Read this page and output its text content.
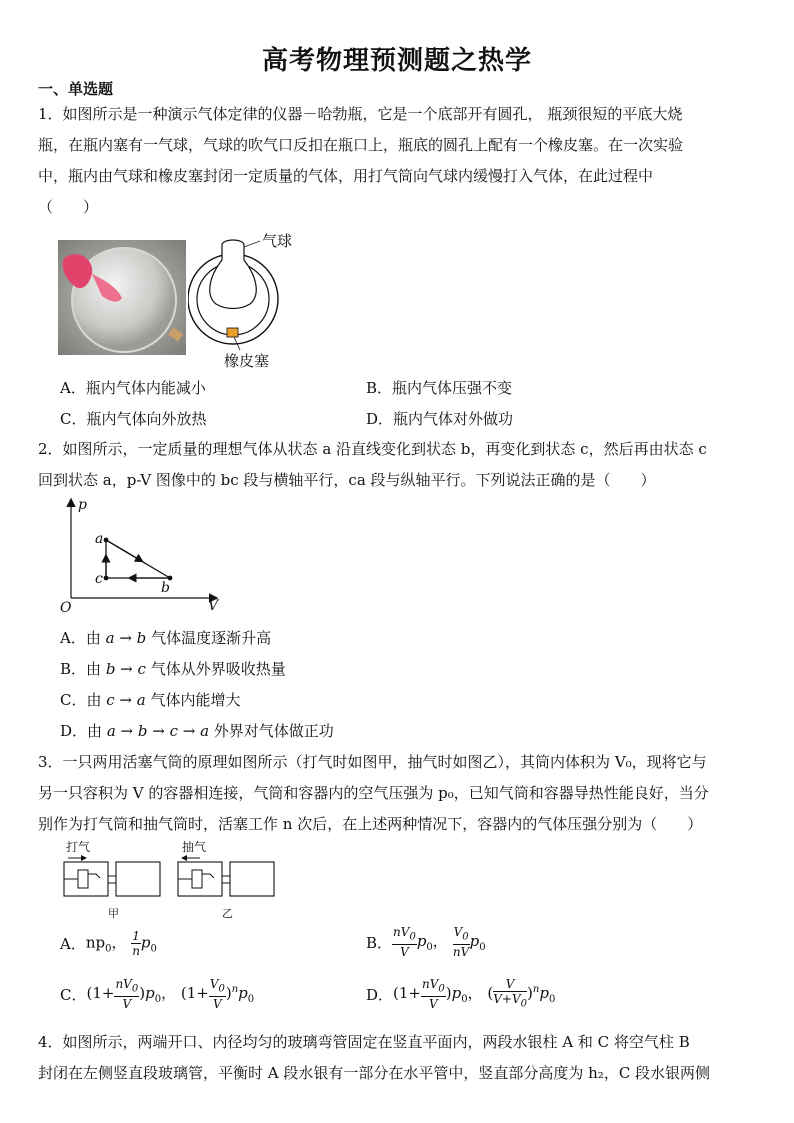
高考物理预测题之热学
一、单选题
1．如图所示是一种演示气体定律的仪器－哈勃瓶，它是一个底部开有圆孔， 瓶颈很短的平底大烧
瓶，在瓶内塞有一气球，气球的吹气口反扣在瓶口上，瓶底的圆孔上配有一个橡皮塞。在一次实验
中，瓶内由气球和橡皮塞封闭一定质量的气体，用打气筒向气球内缓慢打入气体，在此过程中
（　　）
气球
橡皮塞
A．瓶内气体内能减小	B．瓶内气体压强不变
C．瓶内气体向外放热	D．瓶内气体对外做功
2．如图所示，一定质量的理想气体从状态 a 沿直线变化到状态 b，再变化到状态 c，然后再由状态 c
回到状态 a，p-V 图像中的 bc 段与横轴平行，ca 段与纵轴平行。下列说法正确的是（　　）
p
V
O
a
b
c
A．由 a → b 气体温度逐渐升高
B．由 b → c 气体从外界吸收热量
C．由 c → a 气体内能增大
D．由 a → b → c → a 外界对气体做正功
3．一只两用活塞气筒的原理如图所示（打气时如图甲，抽气时如图乙），其筒内体积为 V₀，现将它与
另一只容积为 V 的容器相连接，气筒和容器内的空气压强为 p₀，已知气筒和容器导热性能良好，当分
别作为打气筒和抽气筒时，活塞工作 n 次后，在上述两种情况下，容器内的气体压强分别为（　　）
打气	抽气
甲	乙
A． $np_0$， $\frac{1}{n} p_0$	B． $\frac{nV_0}{V} p_0$， $\frac{V_0}{nV} p_0$
C． $(1+ \frac{nV_0}{V} )p_0$， $(1+ \frac{V_0}{V} )^np_0$	D． $(1+ \frac{nV_0}{V} )p_0$， ( $\frac{V}{V+V_0} )^np_0$
4．如图所示，两端开口、内径均匀的玻璃弯管固定在竖直平面内，两段水银柱 A 和 C 将空气柱 B
封闭在左侧竖直段玻璃管，平衡时 A 段水银有一部分在水平管中，竖直部分高度为 h₂，C 段水银两侧
